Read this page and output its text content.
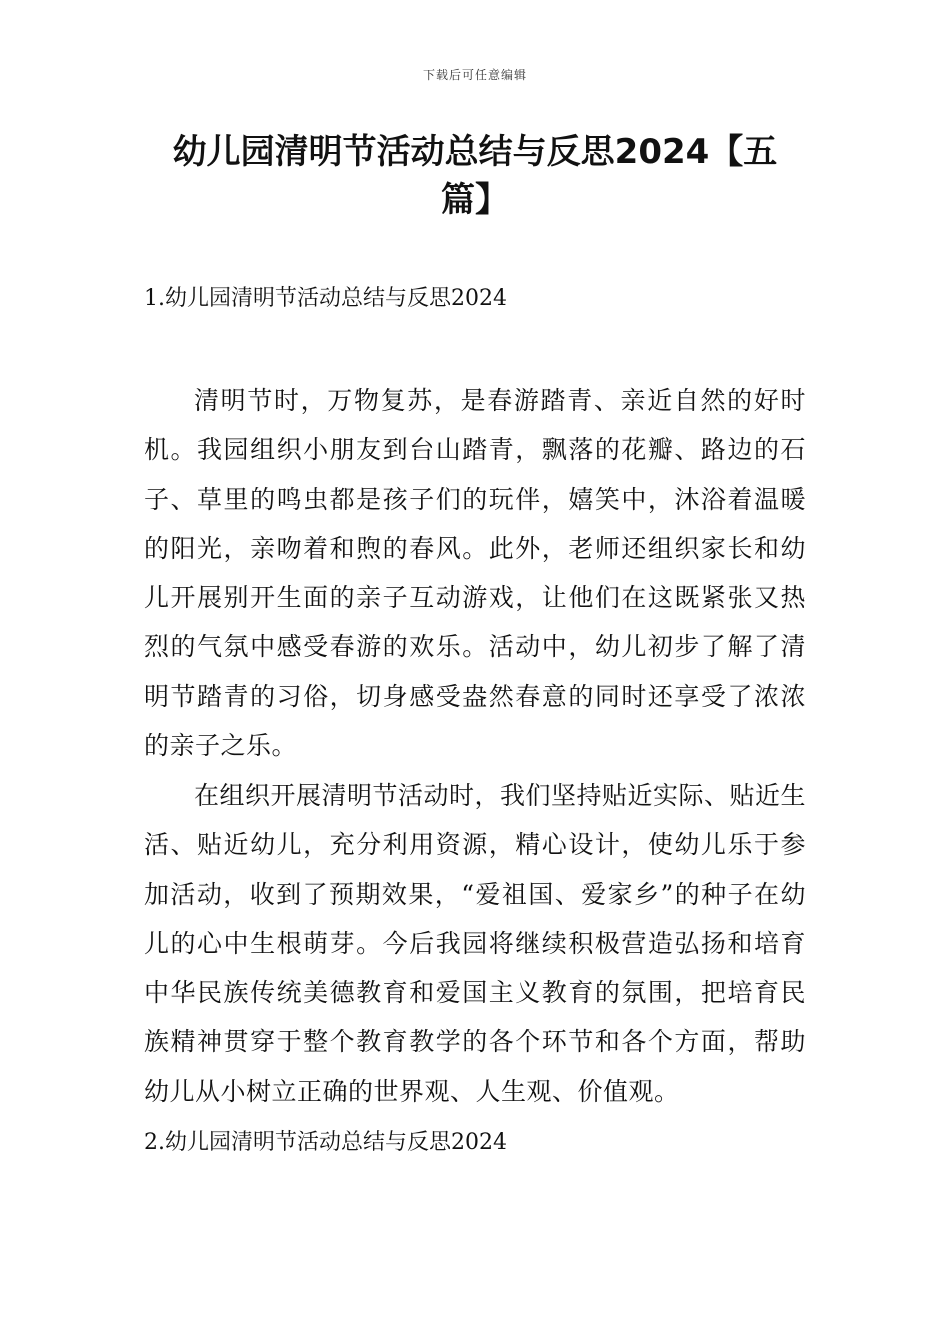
下载后可任意编辑
幼儿园清明节活动总结与反思2024【五篇】
1.幼儿园清明节活动总结与反思2024

清明节时，万物复苏，是春游踏青、亲近自然的好时机。我园组织小朋友到台山踏青，飘落的花瓣、路边的石子、草里的鸣虫都是孩子们的玩伴，嬉笑中，沐浴着温暖的阳光，亲吻着和煦的春风。此外，老师还组织家长和幼儿开展别开生面的亲子互动游戏，让他们在这既紧张又热烈的气氛中感受春游的欢乐。活动中，幼儿初步了解了清明节踏青的习俗，切身感受盎然春意的同时还享受了浓浓的亲子之乐。

在组织开展清明节活动时，我们坚持贴近实际、贴近生活、贴近幼儿，充分利用资源，精心设计，使幼儿乐于参加活动，收到了预期效果，“爱祖国、爱家乡”的种子在幼儿的心中生根萌芽。今后我园将继续积极营造弘扬和培育中华民族传统美德教育和爱国主义教育的氛围，把培育民族精神贯穿于整个教育教学的各个环节和各个方面，帮助幼儿从小树立正确的世界观、人生观、价值观。

2.幼儿园清明节活动总结与反思2024
